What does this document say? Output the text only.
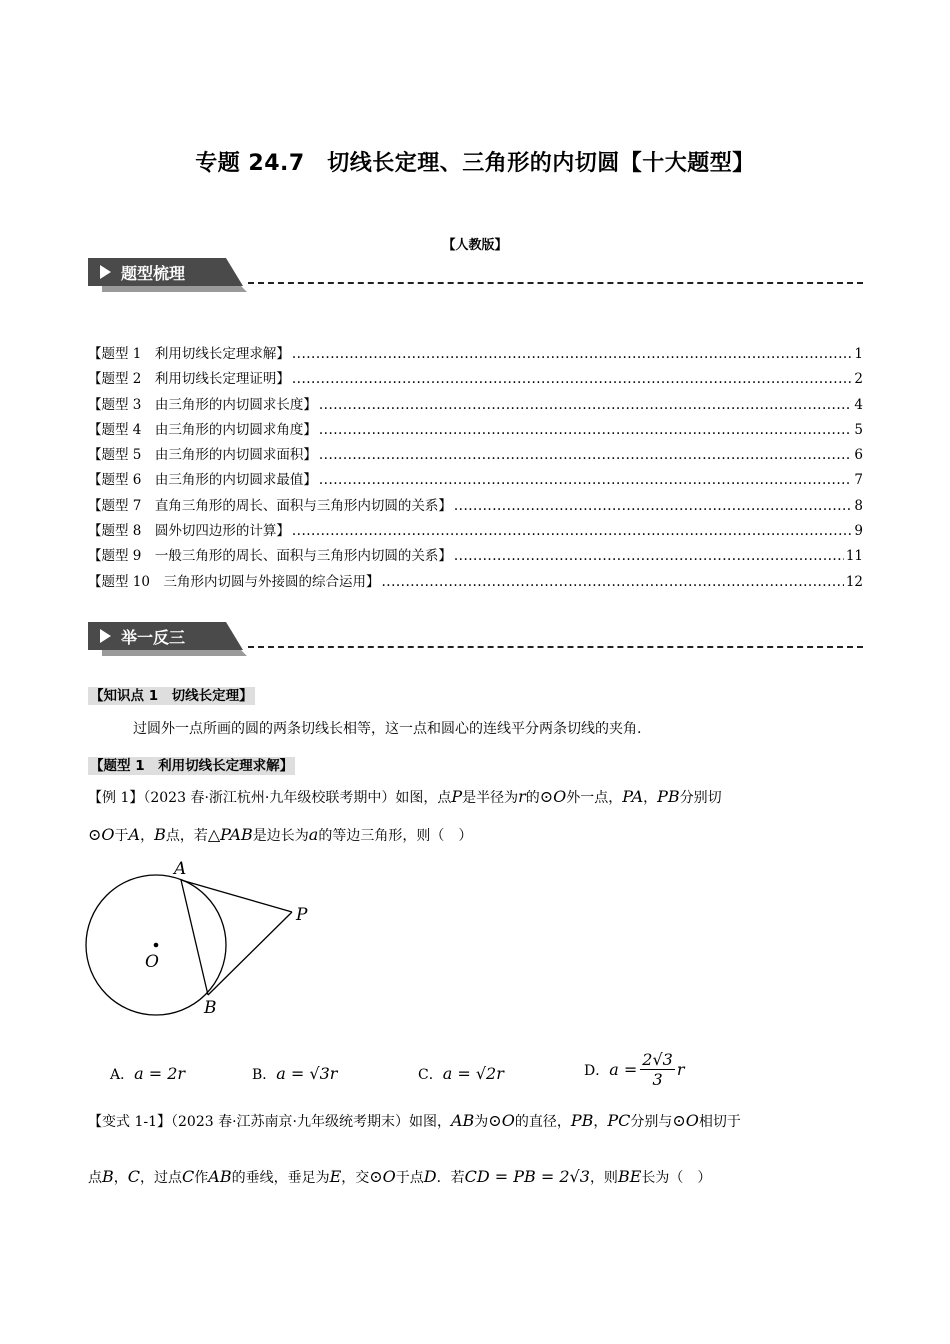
专题 24.7　切线长定理、三角形的内切圆【十大题型】
【人教版】
题型梳理
【题型 1　利用切线长定理求解】 .....	1
【题型 2　利用切线长定理证明】 .....	2
【题型 3　由三角形的内切圆求长度】 .....	4
【题型 4　由三角形的内切圆求角度】 .....	5
【题型 5　由三角形的内切圆求面积】 .....	6
【题型 6　由三角形的内切圆求最值】 .....	7
【题型 7　直角三角形的周长、面积与三角形内切圆的关系】 .....	8
【题型 8　圆外切四边形的计算】 .....	9
【题型 9　一般三角形的周长、面积与三角形内切圆的关系】 .....	11
【题型 10　三角形内切圆与外接圆的综合运用】 .....	12
举一反三
【知识点 1　切线长定理】
过圆外一点所画的圆的两条切线长相等，这一点和圆心的连线平分两条切线的夹角.
【题型 1　利用切线长定理求解】
【例 1】（2023 春·浙江杭州·九年级校联考期中）如图，点P是半径为r的⊙O外一点，PA，PB分别切
⊙O于A，B点，若△PAB是边长为a的等边三角形，则（　）
A
B
P
O
A．a = 2r	B．a = √3r	C．a = √2r	D． $a = \frac{2√3}{3}$ r
【变式 1-1】（2023 春·江苏南京·九年级统考期末）如图，AB为⊙O的直径，PB，PC分别与⊙O相切于
点B，C，过点C作AB的垂线，垂足为E，交⊙O于点D．若CD = PB = 2√3，则BE长为（　）
